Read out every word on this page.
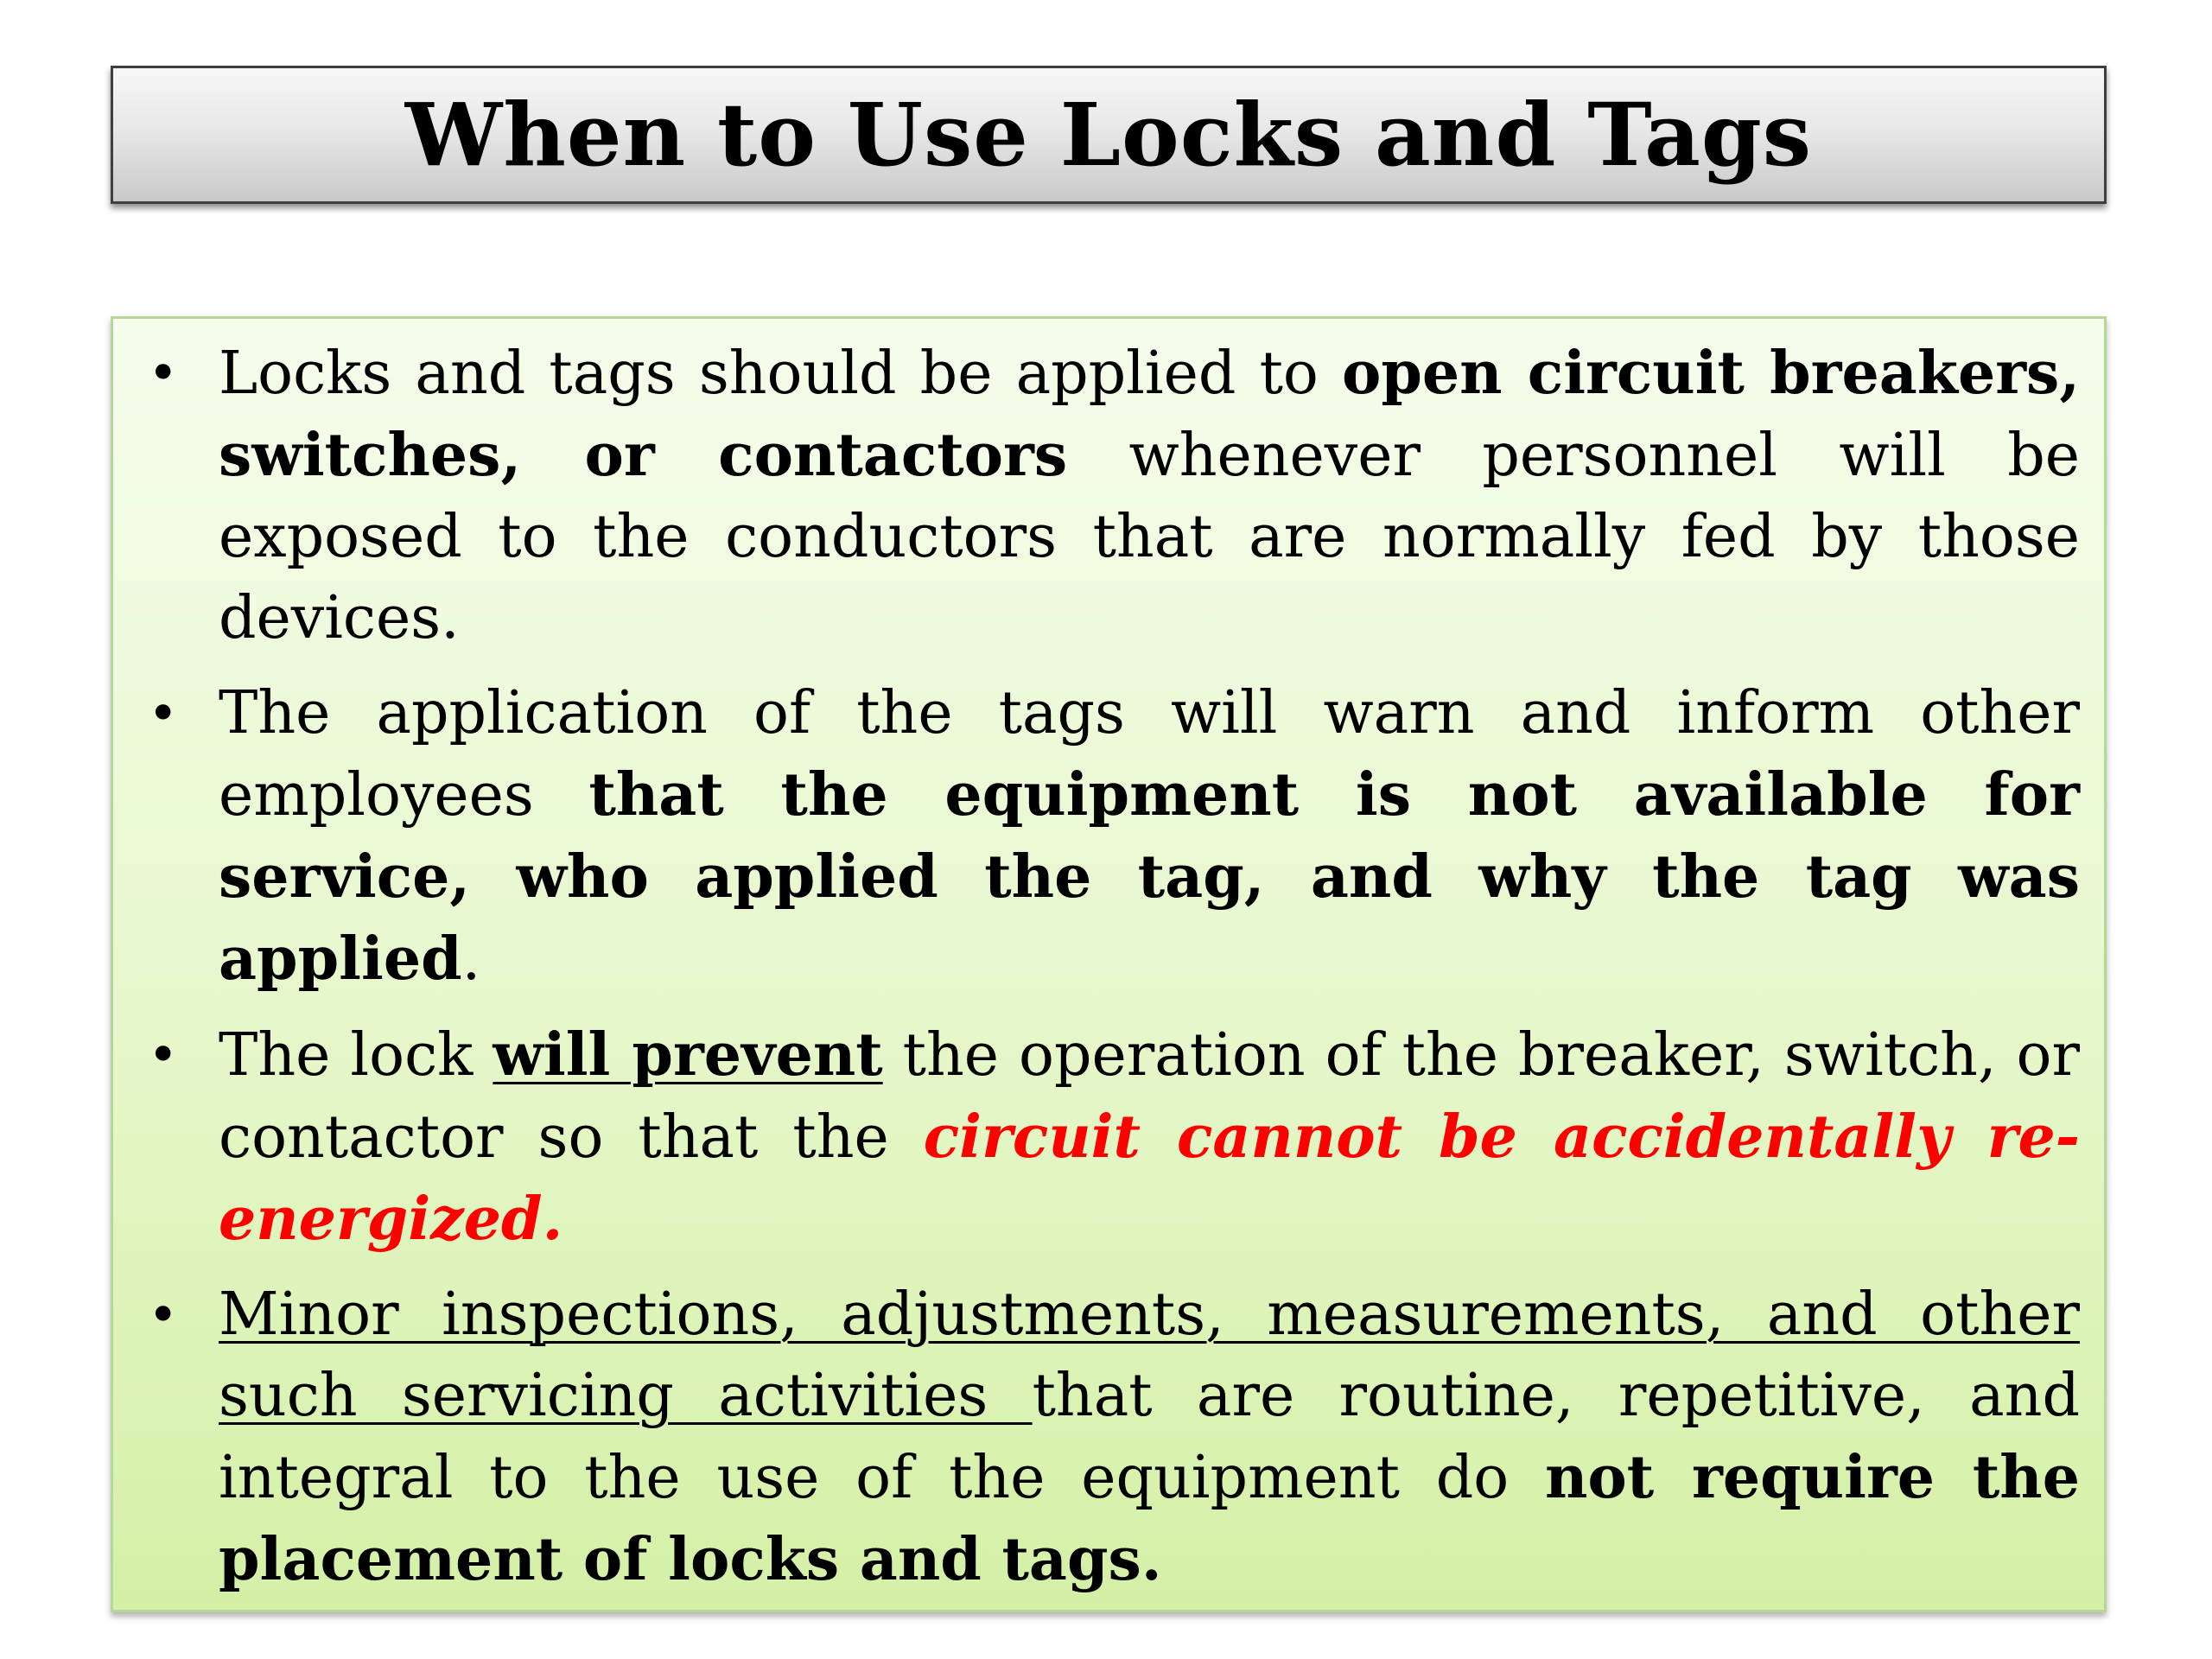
When to Use Locks and Tags
• Locks and tags should be applied to open circuit breakers, switches, or contactors whenever personnel will be exposed to the conductors that are normally fed by those devices.
• The application of the tags will warn and inform other employees that the equipment is not available for service, who applied the tag, and why the tag was applied.
• The lock will prevent the operation of the breaker, switch, or contactor so that the circuit cannot be accidentally re-energized.
• Minor inspections, adjustments, measurements, and other such servicing activities that are routine, repetitive, and integral to the use of the equipment do not require the placement of locks and tags.
